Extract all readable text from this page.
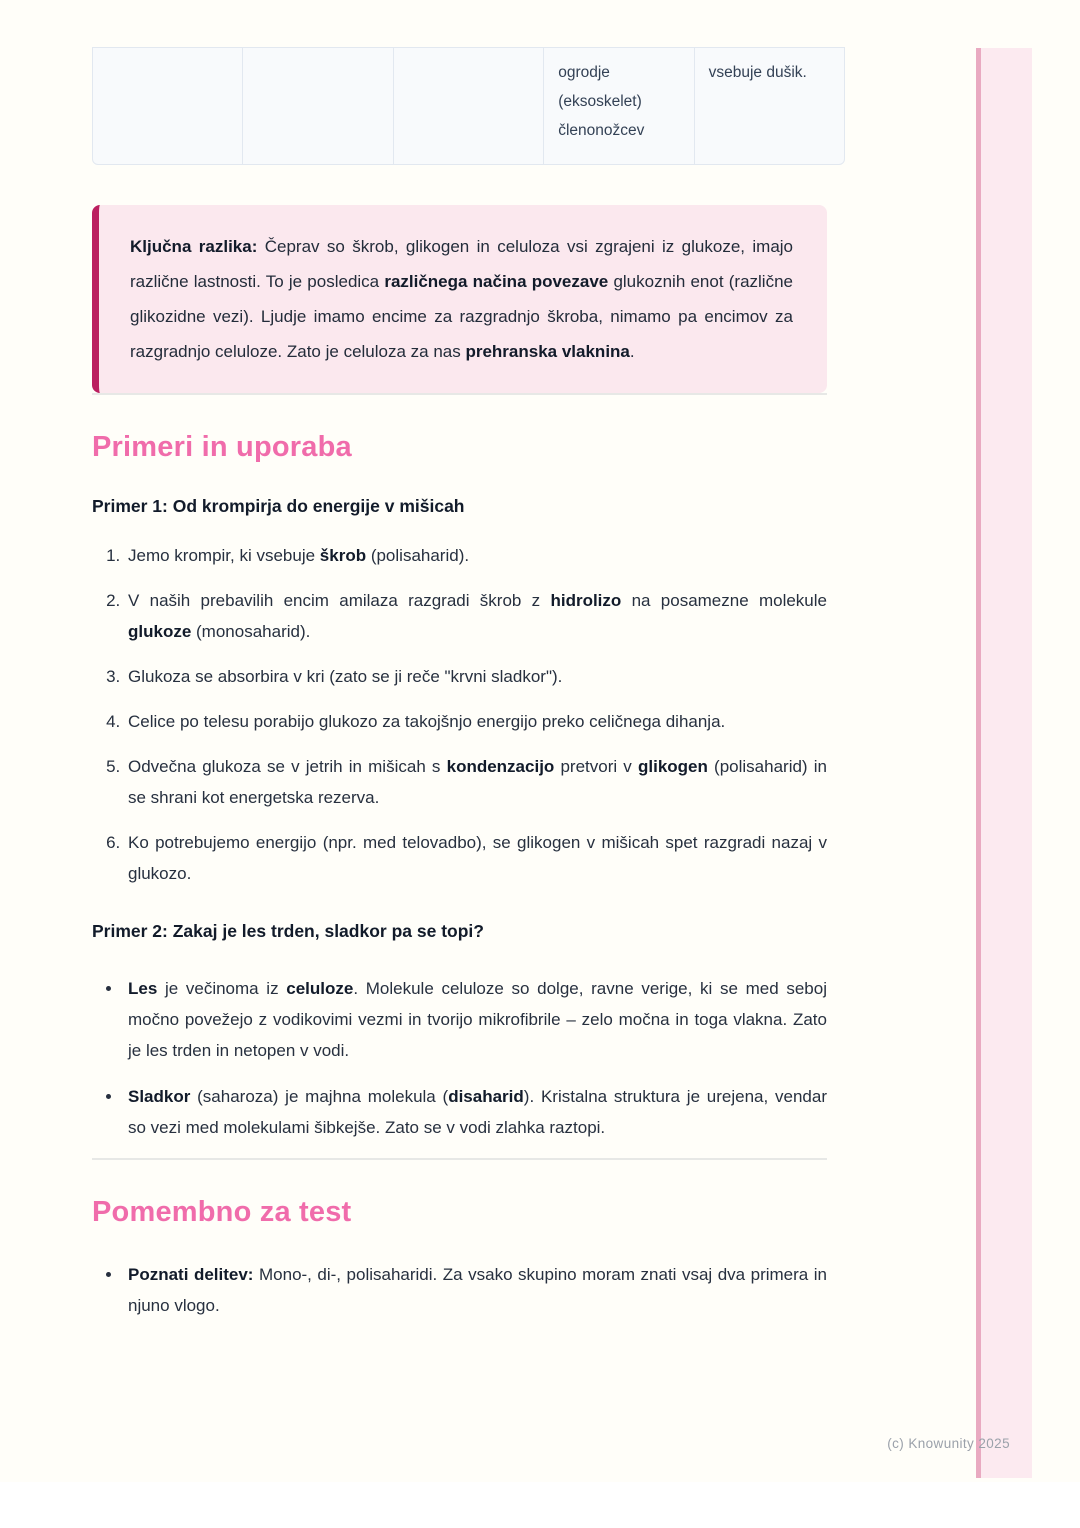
ogrodje (eksoskelet) členonožcev
vsebuje dušik.

Ključna razlika: Čeprav so škrob, glikogen in celuloza vsi zgrajeni iz glukoze, imajo različne lastnosti. To je posledica različnega načina povezave glukoznih enot (različne glikozidne vezi). Ljudje imamo encime za razgradnjo škroba, nimamo pa encimov za razgradnjo celuloze. Zato je celuloza za nas prehranska vlaknina.

Primeri in uporaba
Primer 1: Od krompirja do energije v mišicah
1. Jemo krompir, ki vsebuje škrob (polisaharid).
2. V naših prebavilih encim amilaza razgradi škrob z hidrolizo na posamezne molekule glukoze (monosaharid).
3. Glukoza se absorbira v kri (zato se ji reče "krvni sladkor").
4. Celice po telesu porabijo glukozo za takojšnjo energijo preko celičnega dihanja.
5. Odvečna glukoza se v jetrih in mišicah s kondenzacijo pretvori v glikogen (polisaharid) in se shrani kot energetska rezerva.
6. Ko potrebujemo energijo (npr. med telovadbo), se glikogen v mišicah spet razgradi nazaj v glukozo.
Primer 2: Zakaj je les trden, sladkor pa se topi?
• Les je večinoma iz celuloze. Molekule celuloze so dolge, ravne verige, ki se med seboj močno povežejo z vodikovimi vezmi in tvorijo mikrofibrile – zelo močna in toga vlakna. Zato je les trden in netopen v vodi.
• Sladkor (saharoza) je majhna molekula (disaharid). Kristalna struktura je urejena, vendar so vezi med molekulami šibkejše. Zato se v vodi zlahka raztopi.
Pomembno za test
• Poznati delitev: Mono-, di-, polisaharidi. Za vsako skupino moram znati vsaj dva primera in njuno vlogo.
(c) Knowunity 2025
